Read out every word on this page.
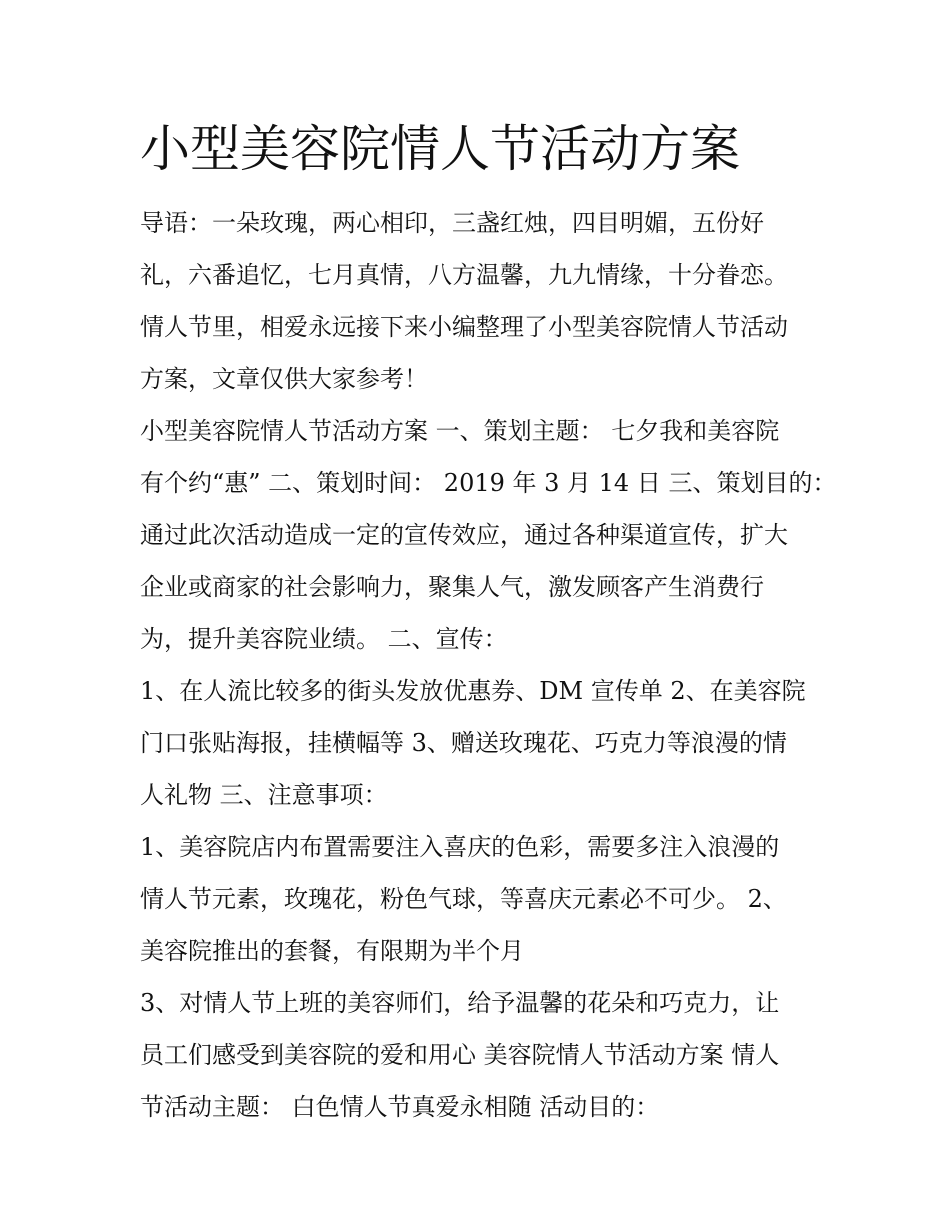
小型美容院情人节活动方案
导语：一朵玫瑰，两心相印，三盏红烛，四目明媚，五份好
礼，六番追忆，七月真情，八方温馨，九九情缘，十分眷恋。
情人节里，相爱永远接下来小编整理了小型美容院情人节活动
方案，文章仅供大家参考！
小型美容院情人节活动方案 一、策划主题： 七夕我和美容院
有个约“惠” 二、策划时间： 2019 年 3 月 14 日 三、策划目的：
通过此次活动造成一定的宣传效应，通过各种渠道宣传，扩大
企业或商家的社会影响力，聚集人气，激发顾客产生消费行
为，提升美容院业绩。 二、宣传：
1、在人流比较多的街头发放优惠券、DM 宣传单 2、在美容院
门口张贴海报，挂横幅等 3、赠送玫瑰花、巧克力等浪漫的情
人礼物 三、注意事项：
1、美容院店内布置需要注入喜庆的色彩，需要多注入浪漫的
情人节元素，玫瑰花，粉色气球，等喜庆元素必不可少。 2、
美容院推出的套餐，有限期为半个月
3、对情人节上班的美容师们，给予温馨的花朵和巧克力，让
员工们感受到美容院的爱和用心 美容院情人节活动方案 情人
节活动主题： 白色情人节真爱永相随 活动目的：
